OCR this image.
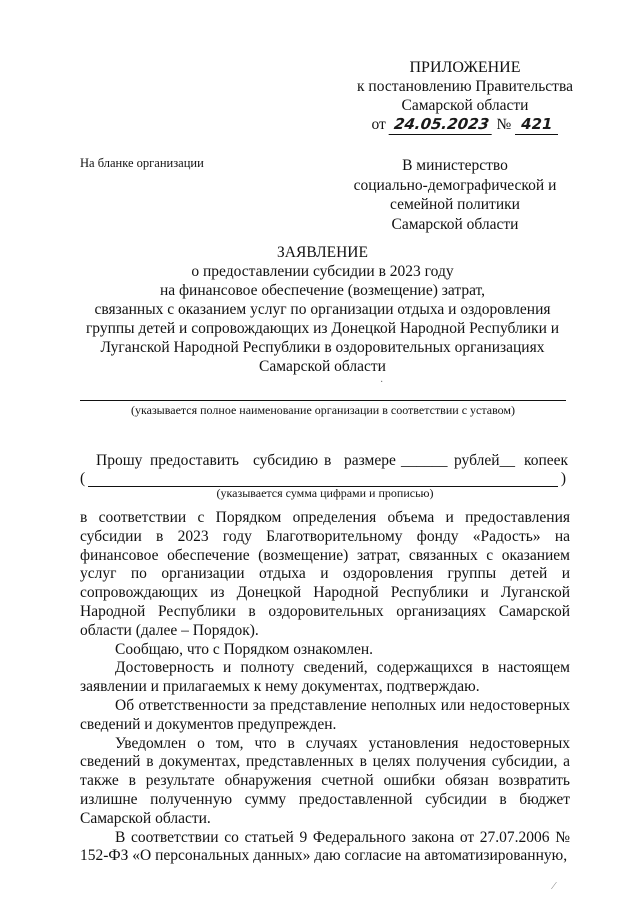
ПРИЛОЖЕНИЕ
к постановлению Правительства
Самарской области
от 24.05.2023 № 421
На бланке организации	В министерство
социально-демографической и
семейной политики
Самарской области
ЗАЯВЛЕНИЕ
о предоставлении субсидии в 2023 году
на финансовое обеспечение (возмещение) затрат,
связанных с оказанием услуг по организации отдыха и оздоровления
группы детей и сопровождающих из Донецкой Народной Республики и
Луганской Народной Республики в оздоровительных организациях
Самарской области
·
(указывается полное наименование организации в соответствии с уставом)
Прошу предоставить субсидию в размере ______ рублей__ копеек
(	)
(указывается сумма цифрами и прописью)

в соответствии с Порядком определения объема и предоставления субсидии в 2023 году Благотворительному фонду «Радость» на финансовое обеспечение (возмещение) затрат, связанных с оказанием услуг по организации отдыха и оздоровления группы детей и сопровождающих из Донецкой Народной Республики и Луганской Народной Республики в оздоровительных организациях Самарской области (далее – Порядок).

Сообщаю, что с Порядком ознакомлен.

Достоверность и полноту сведений, содержащихся в настоящем заявлении и прилагаемых к нему документах, подтверждаю.

Об ответственности за представление неполных или недостоверных сведений и документов предупрежден.

Уведомлен о том, что в случаях установления недостоверных сведений в документах, представленных в целях получения субсидии, а также в результате обнаружения счетной ошибки обязан возвратить излишне полученную сумму предоставленной субсидии в бюджет Самарской области.

В соответствии со статьей 9 Федерального закона от 27.07.2006 № 152-ФЗ «О персональных данных» даю согласие на автоматизированную,

⁄
